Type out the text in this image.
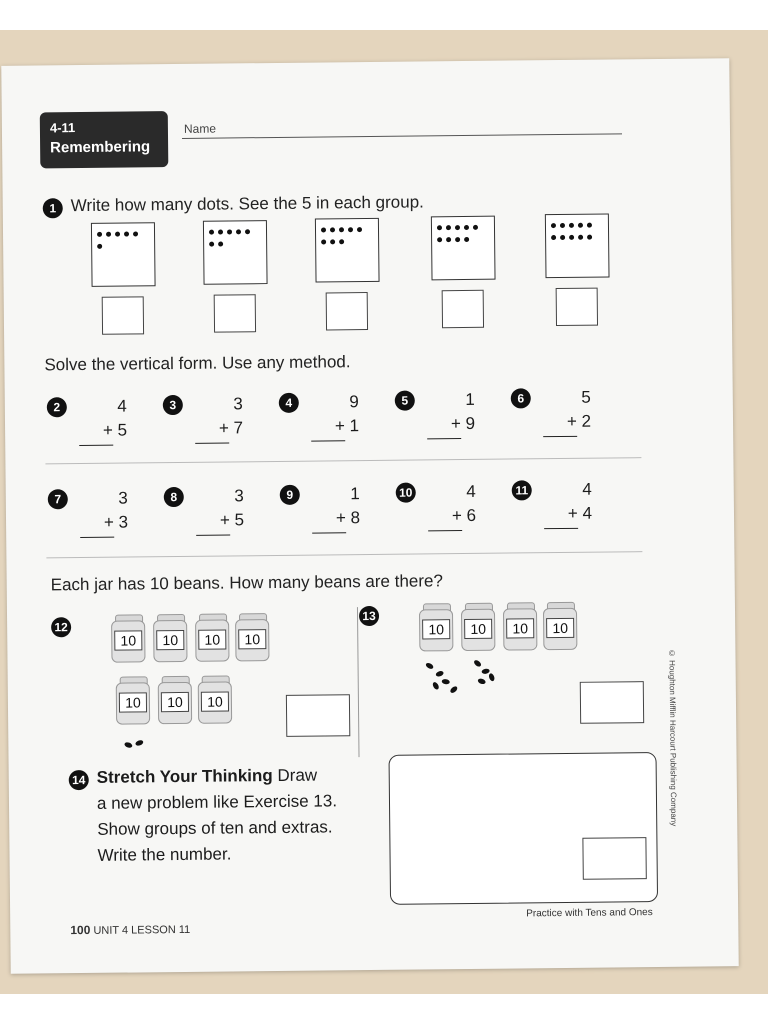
4-11
Remembering
Name
1 Write how many dots. See the 5 in each group.
Solve the vertical form. Use any method.
2	4
+ 5
3	3
+ 7
4	9
+ 1
5	1
+ 9
6	5
+ 2
7	3
+ 3
8	3
+ 5
9	1
+ 8
10	4
+ 6
11	4
+ 4
Each jar has 10 beans. How many beans are there?
12
10	10	10	10
10	10	10
13
10	10	10	10
14 Stretch Your Thinking Draw
a new problem like Exercise 13.
Show groups of ten and extras.
Write the number.
100 UNIT 4 LESSON 11
Practice with Tens and Ones
© Houghton Mifflin Harcourt Publishing Company
